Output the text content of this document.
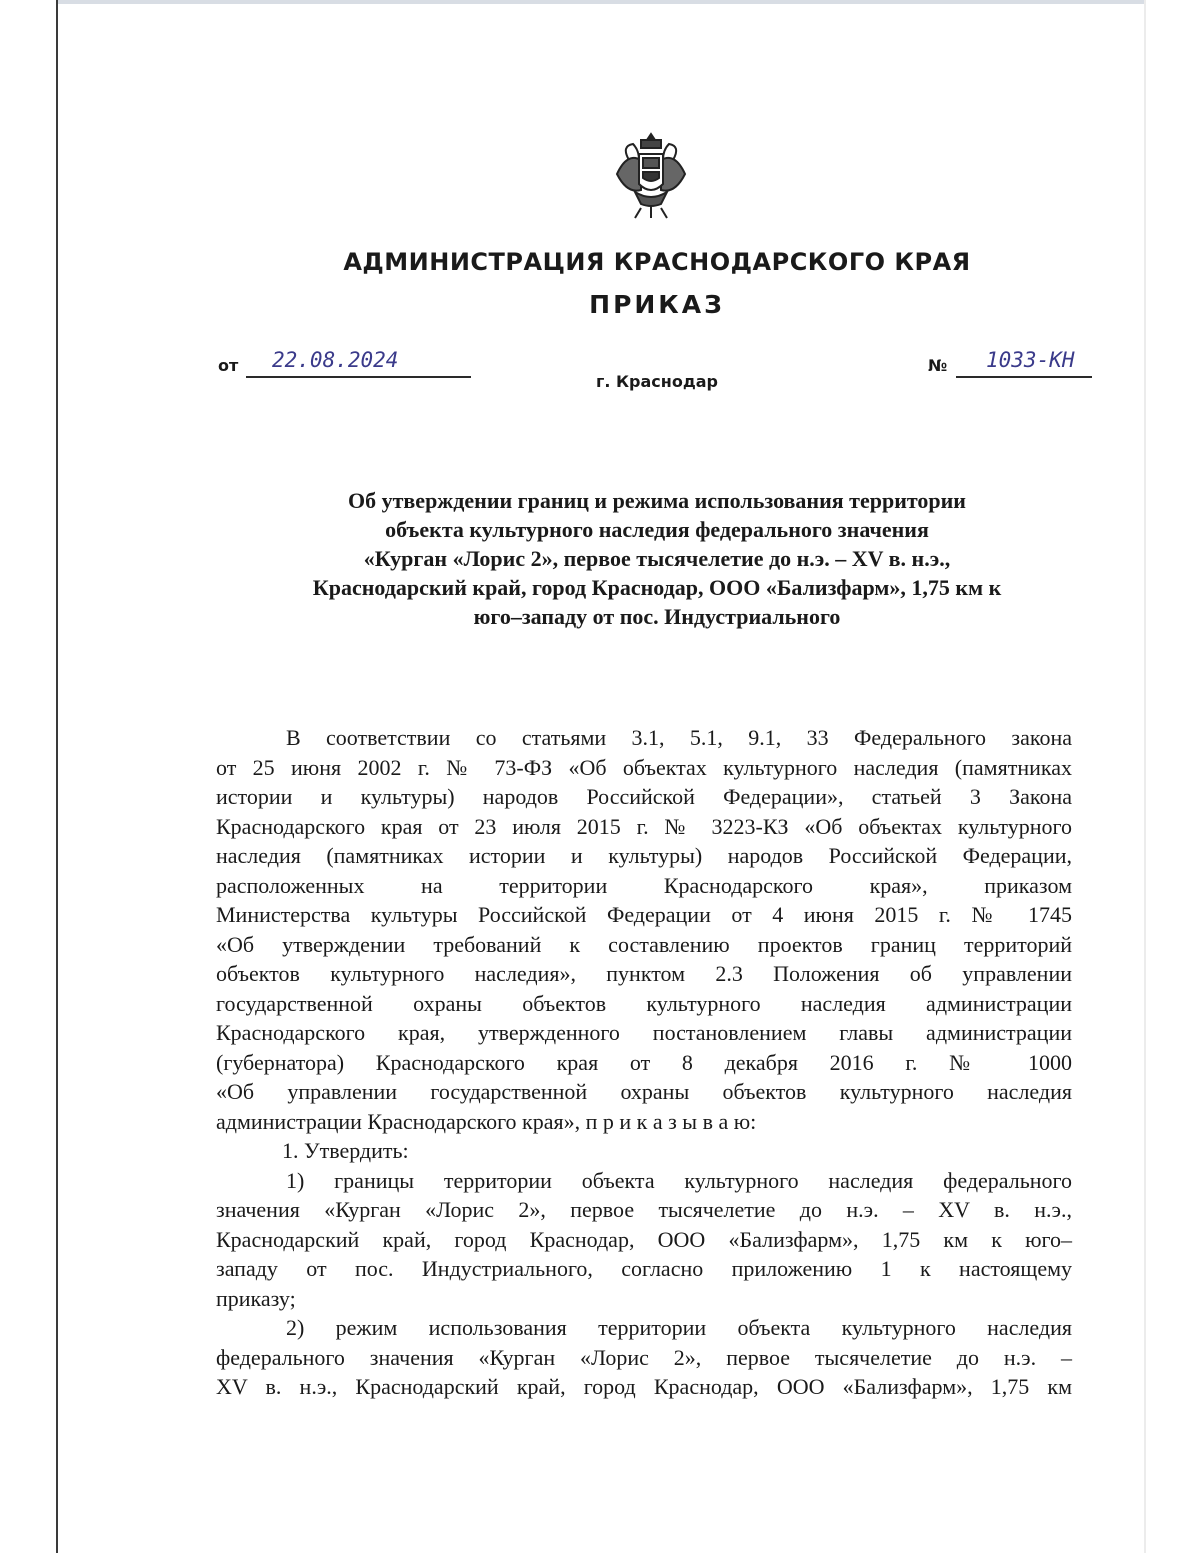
АДМИНИСТРАЦИЯ КРАСНОДАРСКОГО КРАЯ
ПРИКАЗ
от 22.08.2024	№ 1033-КН
г. Краснодар
Об утверждении границ и режима использования территории
объекта культурного наследия федерального значения
«Курган «Лорис 2», первое тысячелетие до н.э. – XV в. н.э.,
Краснодарский край, город Краснодар, ООО «Бализфарм», 1,75 км к
юго–западу от пос. Индустриального
В соответствии со статьями 3.1, 5.1, 9.1, 33 Федерального закона
от 25 июня 2002 г. № 73-ФЗ «Об объектах культурного наследия (памятниках
истории и культуры) народов Российской Федерации», статьей 3 Закона
Краснодарского края от 23 июля 2015 г. № 3223-КЗ «Об объектах культурного
наследия (памятниках истории и культуры) народов Российской Федерации,
расположенных на территории Краснодарского края», приказом
Министерства культуры Российской Федерации от 4 июня 2015 г. № 1745
«Об утверждении требований к составлению проектов границ территорий
объектов культурного наследия», пунктом 2.3 Положения об управлении
государственной охраны объектов культурного наследия администрации
Краснодарского края, утвержденного постановлением главы администрации
(губернатора) Краснодарского края от 8 декабря 2016 г. № 1000
«Об управлении государственной охраны объектов культурного наследия
администрации Краснодарского края», п р и к а з ы в а ю:
1. Утвердить:
1) границы территории объекта культурного наследия федерального
значения «Курган «Лорис 2», первое тысячелетие до н.э. – XV в. н.э.,
Краснодарский край, город Краснодар, ООО «Бализфарм», 1,75 км к юго–
западу от пос. Индустриального, согласно приложению 1 к настоящему
приказу;
2) режим использования территории объекта культурного наследия
федерального значения «Курган «Лорис 2», первое тысячелетие до н.э. –
XV в. н.э., Краснодарский край, город Краснодар, ООО «Бализфарм», 1,75 км
